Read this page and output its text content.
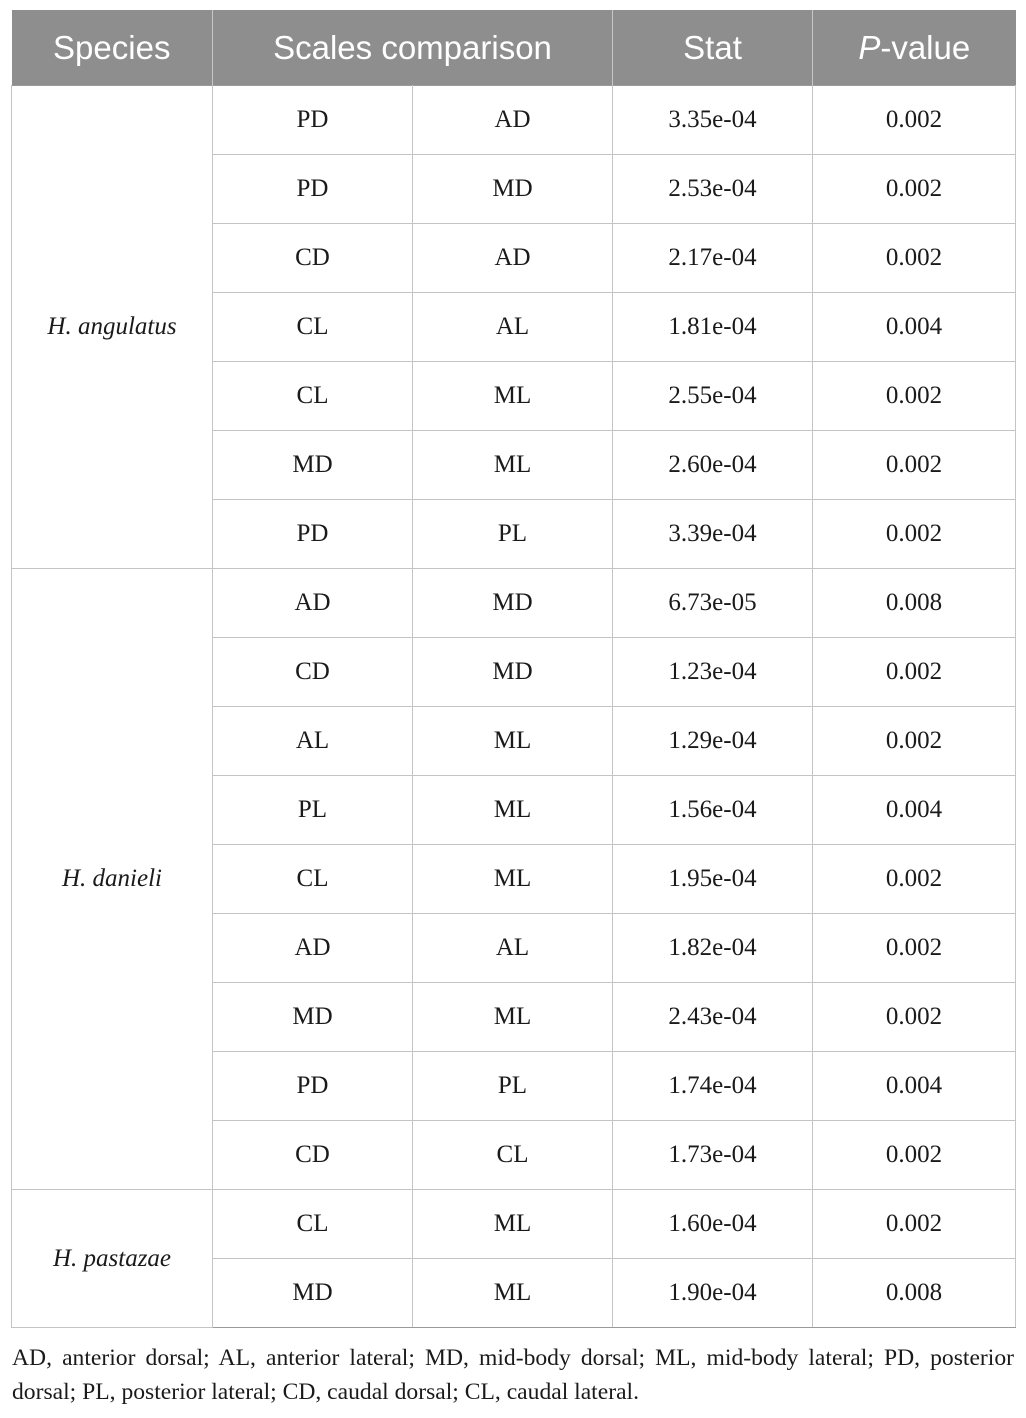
Species	Scales comparison		Stat	P-value
H. angulatus	PD	AD	3.35e-04	0.002
	PD	MD	2.53e-04	0.002
	CD	AD	2.17e-04	0.002
	CL	AL	1.81e-04	0.004
	CL	ML	2.55e-04	0.002
	MD	ML	2.60e-04	0.002
	PD	PL	3.39e-04	0.002
H. danieli	AD	MD	6.73e-05	0.008
	CD	MD	1.23e-04	0.002
	AL	ML	1.29e-04	0.002
	PL	ML	1.56e-04	0.004
	CL	ML	1.95e-04	0.002
	AD	AL	1.82e-04	0.002
	MD	ML	2.43e-04	0.002
	PD	PL	1.74e-04	0.004
	CD	CL	1.73e-04	0.002
H. pastazae	CL	ML	1.60e-04	0.002
	MD	ML	1.90e-04	0.008

AD, anterior dorsal; AL, anterior lateral; MD, mid-body dorsal; ML, mid-body lateral; PD, posterior dorsal; PL, posterior lateral; CD, caudal dorsal; CL, caudal lateral.
